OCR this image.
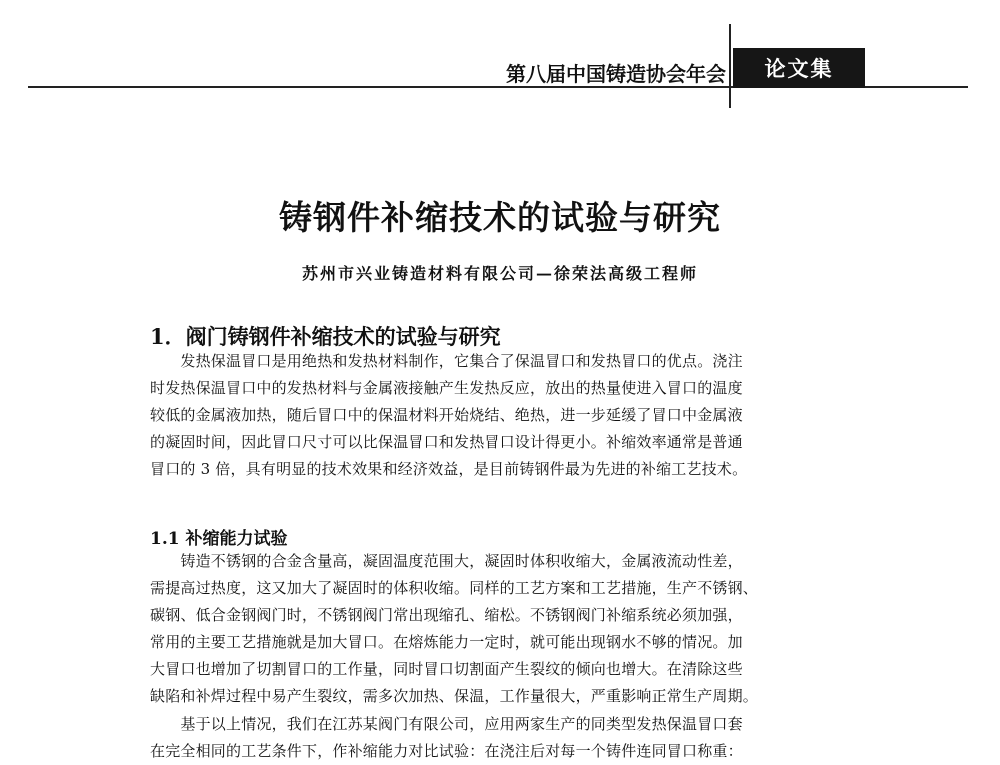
第八届中国铸造协会年会	论文集
铸钢件补缩技术的试验与研究
苏州市兴业铸造材料有限公司—徐荣法高级工程师
1．阀门铸钢件补缩技术的试验与研究
　　发热保温冒口是用绝热和发热材料制作，它集合了保温冒口和发热冒口的优点。浇注
时发热保温冒口中的发热材料与金属液接触产生发热反应，放出的热量使进入冒口的温度
较低的金属液加热，随后冒口中的保温材料开始烧结、绝热，进一步延缓了冒口中金属液
的凝固时间，因此冒口尺寸可以比保温冒口和发热冒口设计得更小。补缩效率通常是普通
冒口的 3 倍，具有明显的技术效果和经济效益，是目前铸钢件最为先进的补缩工艺技术。
1.1 补缩能力试验
　　铸造不锈钢的合金含量高，凝固温度范围大，凝固时体积收缩大，金属液流动性差，
需提高过热度，这又加大了凝固时的体积收缩。同样的工艺方案和工艺措施，生产不锈钢、
碳钢、低合金钢阀门时，不锈钢阀门常出现缩孔、缩松。不锈钢阀门补缩系统必须加强，
常用的主要工艺措施就是加大冒口。在熔炼能力一定时，就可能出现钢水不够的情况。加
大冒口也增加了切割冒口的工作量，同时冒口切割面产生裂纹的倾向也增大。在清除这些
缺陷和补焊过程中易产生裂纹，需多次加热、保温，工作量很大，严重影响正常生产周期。
　　基于以上情况，我们在江苏某阀门有限公司，应用两家生产的同类型发热保温冒口套
在完全相同的工艺条件下，作补缩能力对比试验：在浇注后对每一个铸件连同冒口称重：
